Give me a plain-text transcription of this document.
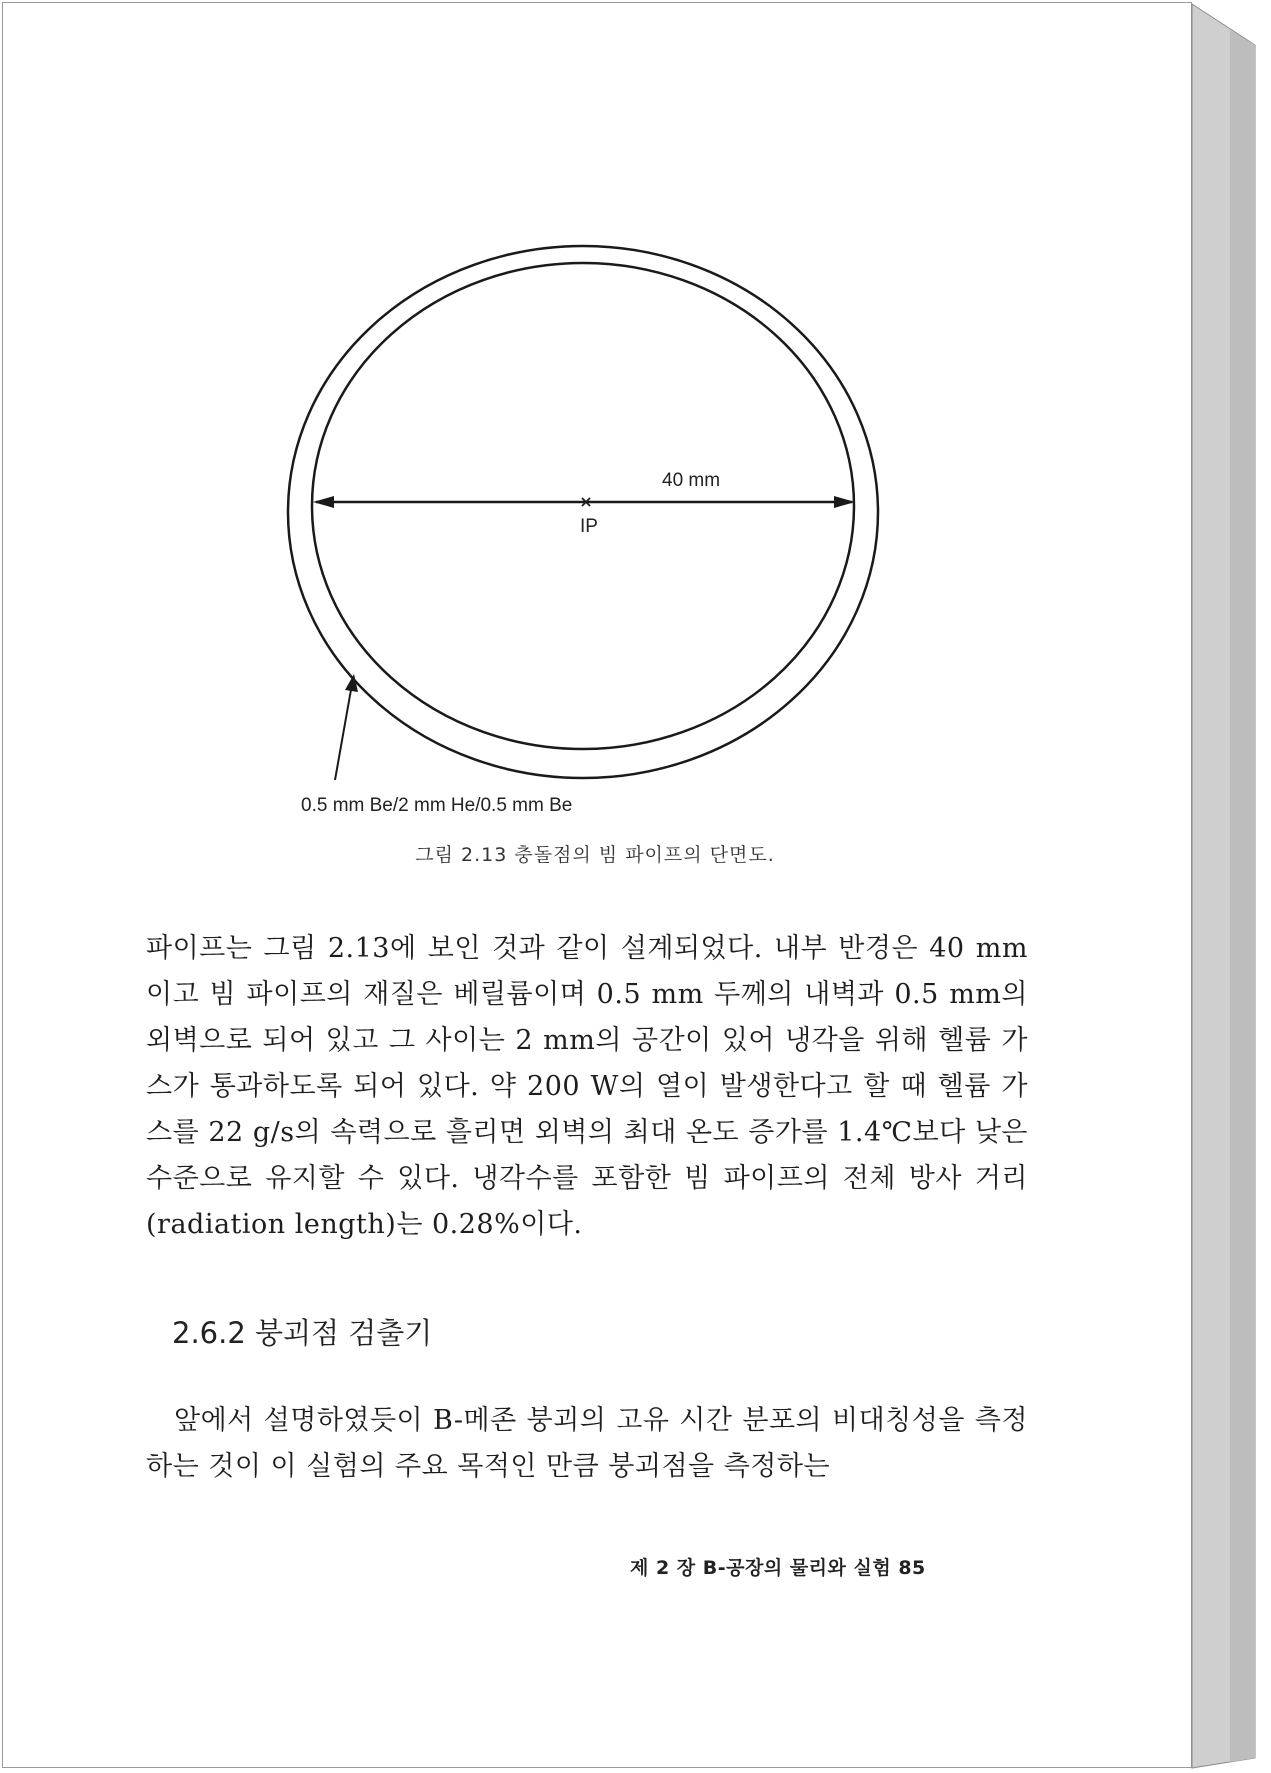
40 mm
IP
0.5 mm Be/2 mm He/0.5 mm Be
그림 2.13 충돌점의 빔 파이프의 단면도.
파이프는 그림 2.13에 보인 것과 같이 설계되었다. 내부 반경은 40 mm이고 빔 파이프의 재질은 베릴륨이며 0.5 mm 두께의 내벽과 0.5 mm의 외벽으로 되어 있고 그 사이는 2 mm의 공간이 있어 냉각을 위해 헬륨 가스가 통과하도록 되어 있다. 약 200 W의 열이 발생한다고 할 때 헬륨 가스를 22 g/s의 속력으로 흘리면 외벽의 최대 온도 증가를 1.4℃보다 낮은 수준으로 유지할 수 있다. 냉각수를 포함한 빔 파이프의 전체 방사 거리(radiation length)는 0.28%이다.
2.6.2 붕괴점 검출기
앞에서 설명하였듯이 B-메존 붕괴의 고유 시간 분포의 비대칭성을 측정하는 것이 이 실험의 주요 목적인 만큼 붕괴점을 측정하는
제 2 장 B-공장의 물리와 실험 85
